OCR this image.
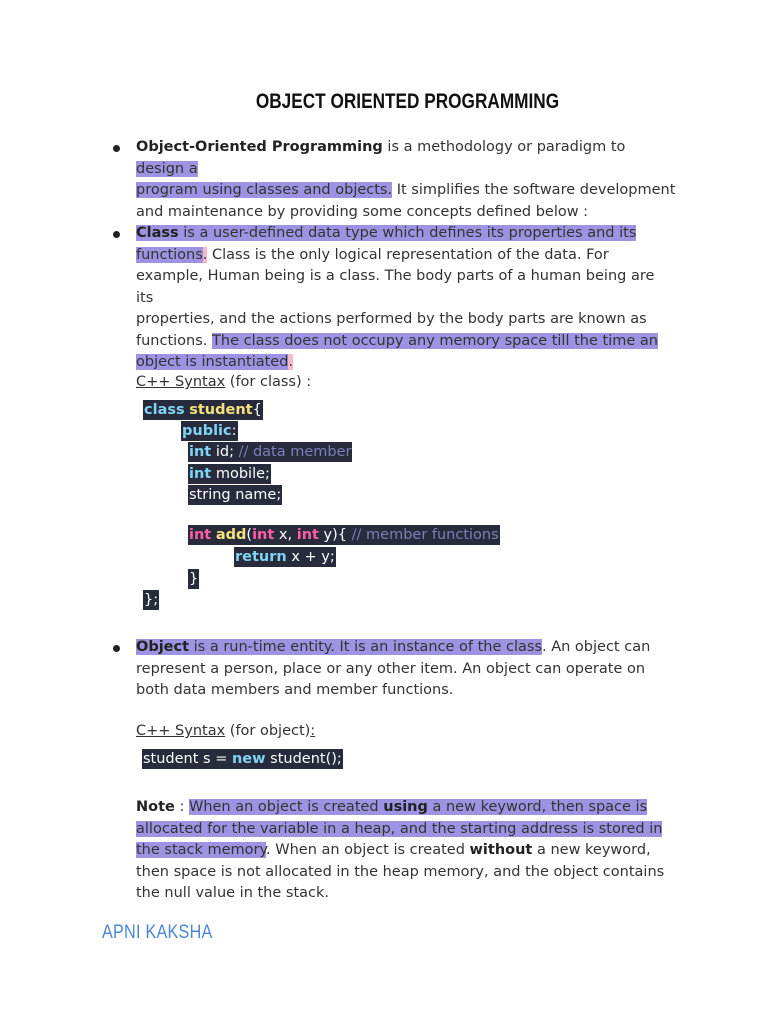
OBJECT ORIENTED PROGRAMMING
Object-Oriented Programming is a methodology or paradigm to design a
program using classes and objects. It simplifies the software development
and maintenance by providing some concepts defined below :
Class is a user-defined data type which defines its properties and its
functions. Class is the only logical representation of the data. For
example, Human being is a class. The body parts of a human being are its
properties, and the actions performed by the body parts are known as
functions. The class does not occupy any memory space till the time an
object is instantiated.
C++ Syntax (for class) :
class student{
public:
int id; // data member
int mobile;
string name;
int add(int x, int y){ // member functions
return x + y;
}
};
Object is a run-time entity. It is an instance of the class. An object can
represent a person, place or any other item. An object can operate on
both data members and member functions.
C++ Syntax (for object):
student s = new student();
Note : When an object is created using a new keyword, then space is
allocated for the variable in a heap, and the starting address is stored in
the stack memory. When an object is created without a new keyword,
then space is not allocated in the heap memory, and the object contains
the null value in the stack.
APNI KAKSHA
